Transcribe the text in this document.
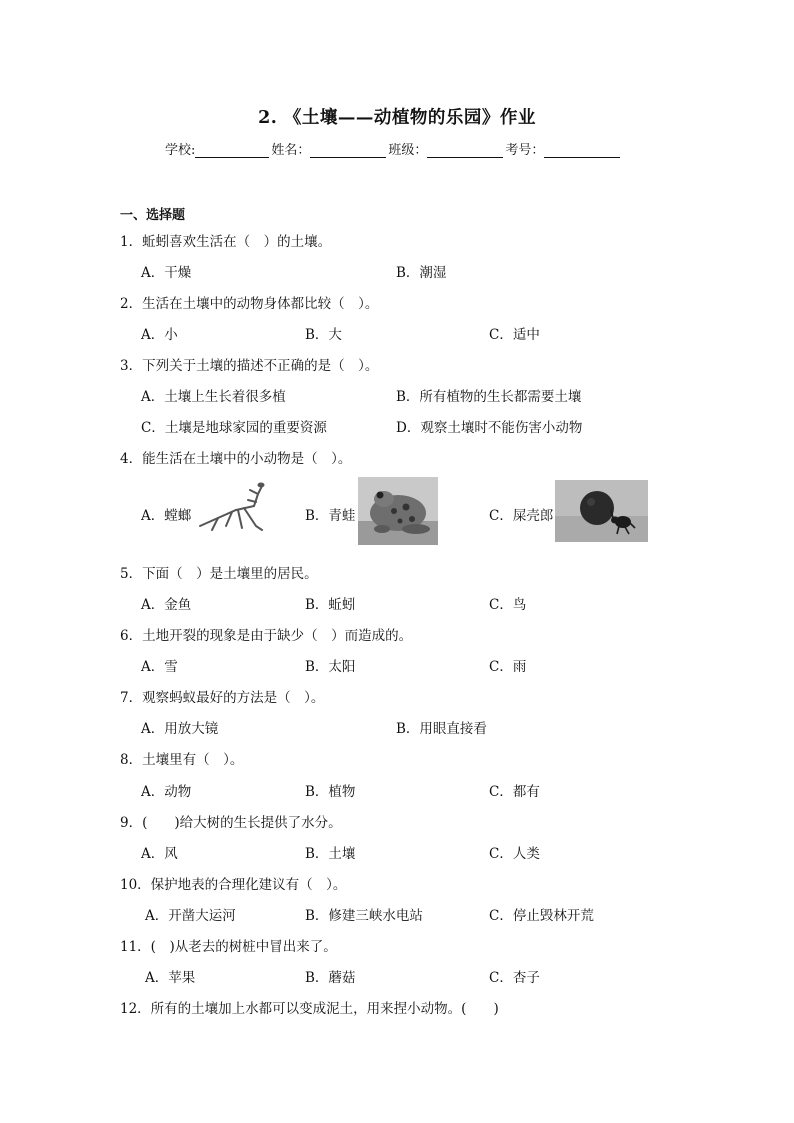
2. 《土壤——动植物的乐园》作业
学校:	姓名：	班级：	考号：
一、选择题
1．蚯蚓喜欢生活在（　）的土壤。
A．干燥	B．潮湿
2．生活在土壤中的动物身体都比较（　）。
A．小	B．大	C．适中
3．下列关于土壤的描述不正确的是（　）。
A．土壤上生长着很多植	B．所有植物的生长都需要土壤
C．土壤是地球家园的重要资源	D．观察土壤时不能伤害小动物
4．能生活在土壤中的小动物是（　）。
A．螳螂	B．青蛙	C．屎壳郎
5．下面（　）是土壤里的居民。
A．金鱼	B．蚯蚓	C．鸟
6．土地开裂的现象是由于缺少（　）而造成的。
A．雪	B．太阳	C．雨
7．观察蚂蚁最好的方法是（　）。
A．用放大镜	B．用眼直接看
8．土壤里有（　）。
A．动物	B．植物	C．都有
9．(　　)给大树的生长提供了水分。
A．风	B．土壤	C．人类
10．保护地表的合理化建议有（　）。
A．开凿大运河	B．修建三峡水电站	C．停止毁林开荒
11．(　)从老去的树桩中冒出来了。
A．苹果	B．蘑菇	C．杏子
12．所有的土壤加上水都可以变成泥土，用来捏小动物。(　　)
